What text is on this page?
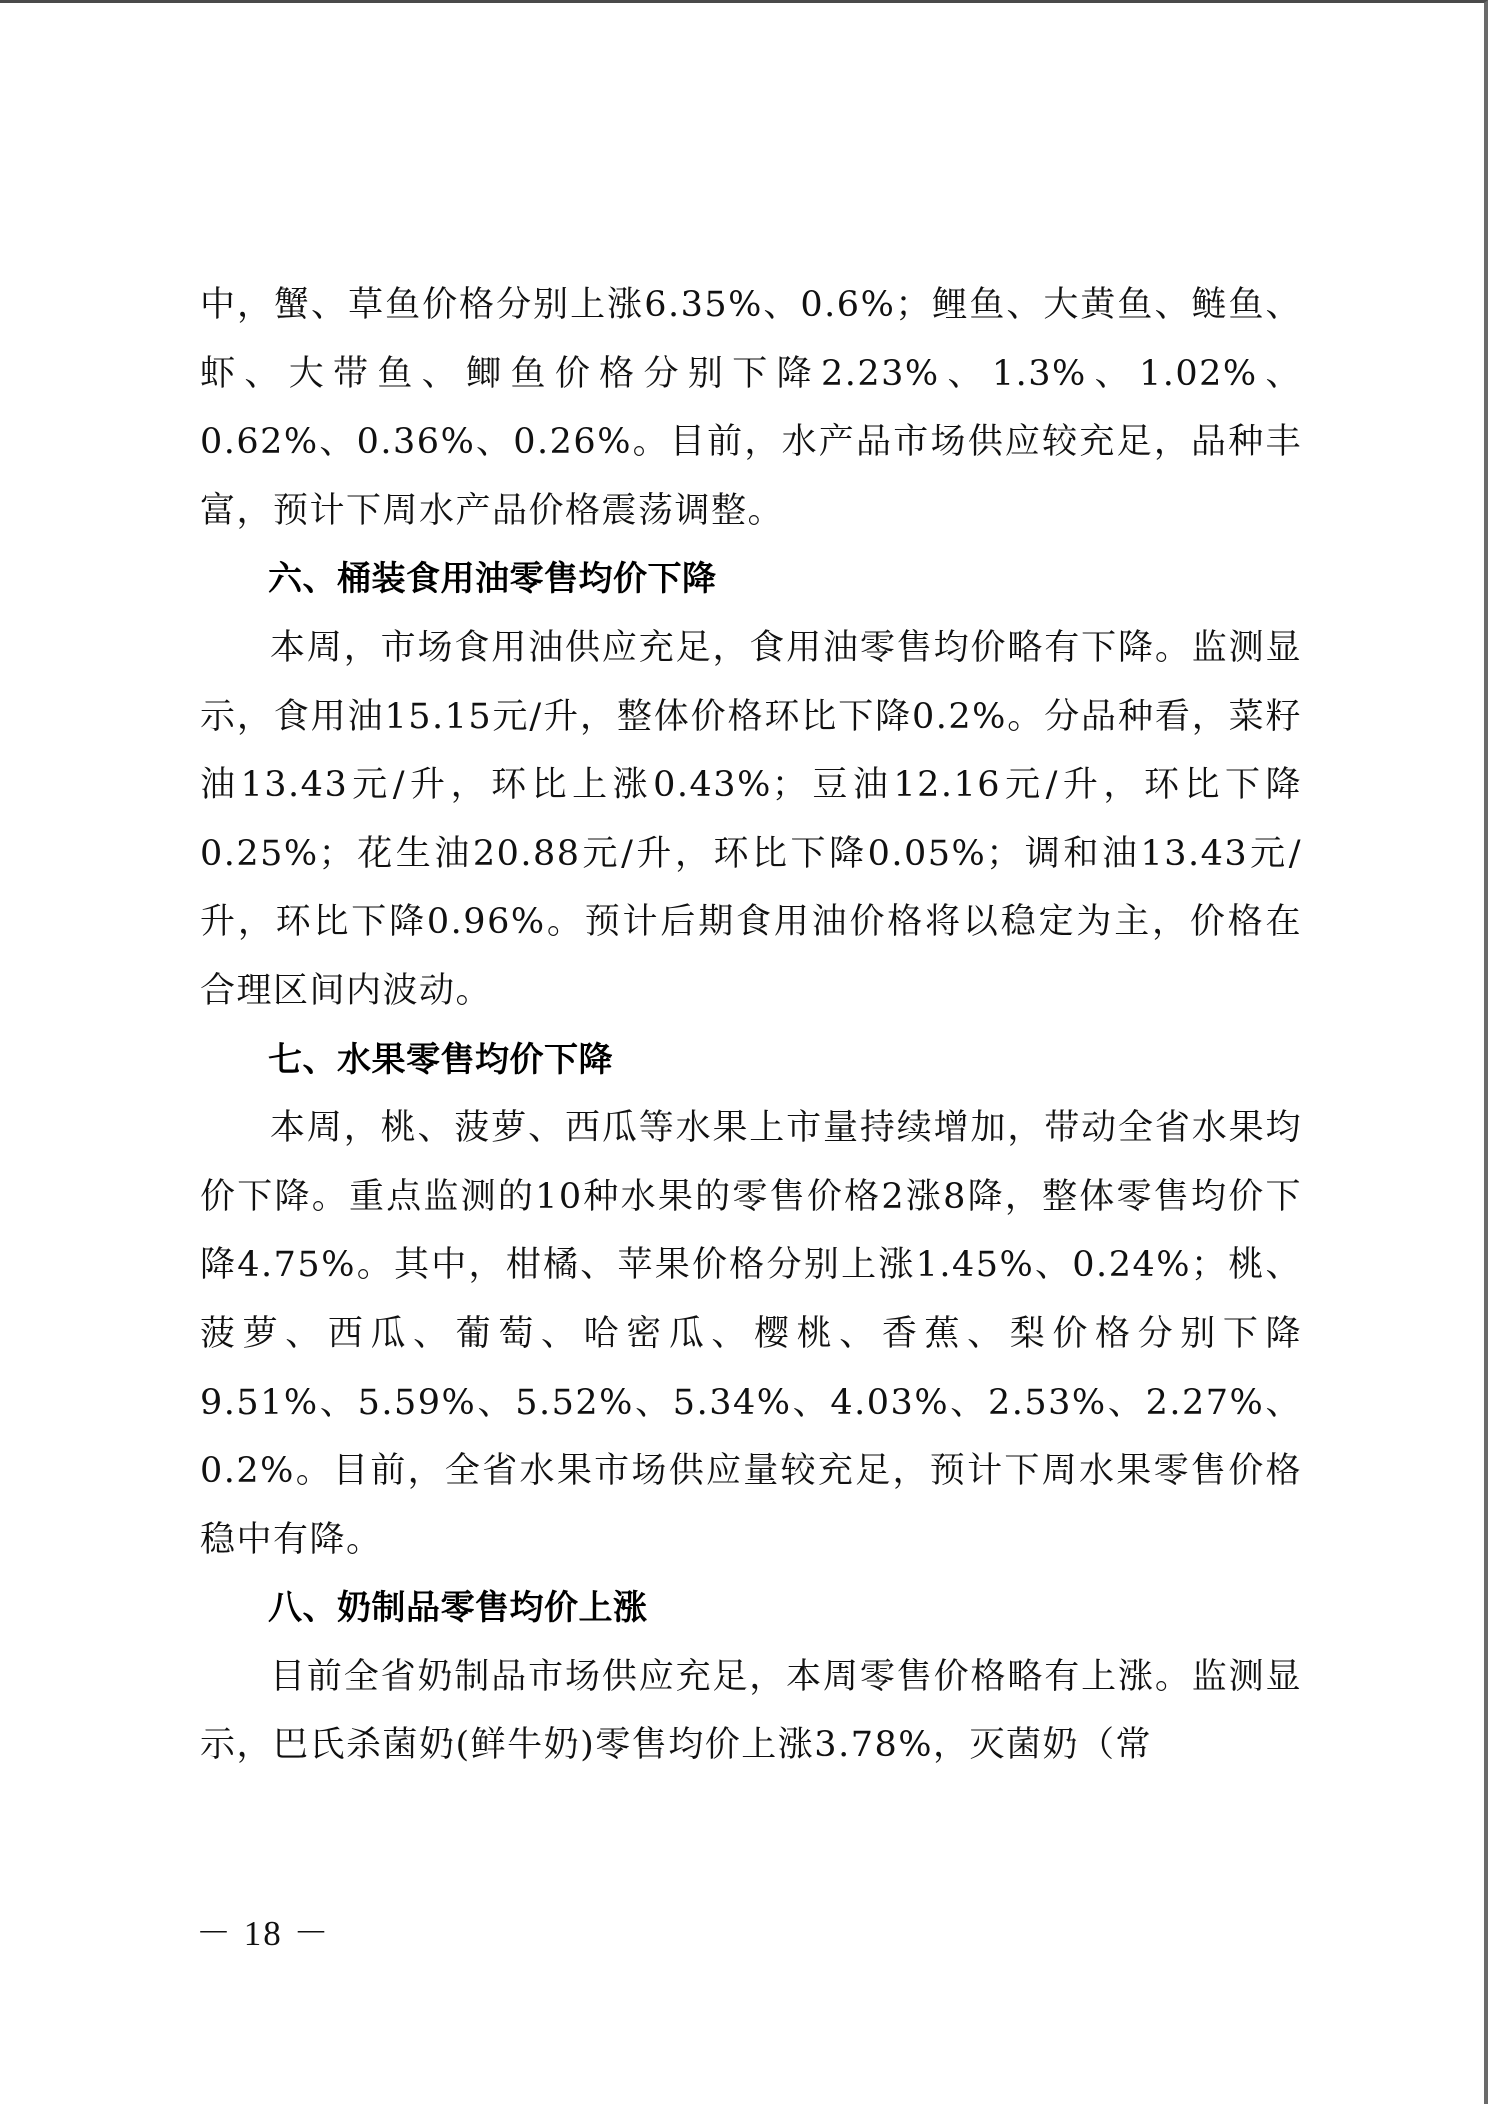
中，蟹、草鱼价格分别上涨6.35%、0.6%；鲤鱼、大黄鱼、鲢鱼、虾、大带鱼、鲫鱼价格分别下降2.23%、1.3%、1.02%、0.62%、0.36%、0.26%。目前，水产品市场供应较充足，品种丰富，预计下周水产品价格震荡调整。

六、桶装食用油零售均价下降

本周，市场食用油供应充足，食用油零售均价略有下降。监测显示，食用油15.15元/升，整体价格环比下降0.2%。分品种看，菜籽油13.43元/升，环比上涨0.43%；豆油12.16元/升，环比下降0.25%；花生油20.88元/升，环比下降0.05%；调和油13.43元/升，环比下降0.96%。预计后期食用油价格将以稳定为主，价格在合理区间内波动。

七、水果零售均价下降

本周，桃、菠萝、西瓜等水果上市量持续增加，带动全省水果均价下降。重点监测的10种水果的零售价格2涨8降，整体零售均价下降4.75%。其中，柑橘、苹果价格分别上涨1.45%、0.24%；桃、菠萝、西瓜、葡萄、哈密瓜、樱桃、香蕉、梨价格分别下降9.51%、5.59%、5.52%、5.34%、4.03%、2.53%、2.27%、0.2%。目前，全省水果市场供应量较充足，预计下周水果零售价格稳中有降。

八、奶制品零售均价上涨

目前全省奶制品市场供应充足，本周零售价格略有上涨。监测显示，巴氏杀菌奶(鲜牛奶)零售均价上涨3.78%，灭菌奶（常

－ 18 －
